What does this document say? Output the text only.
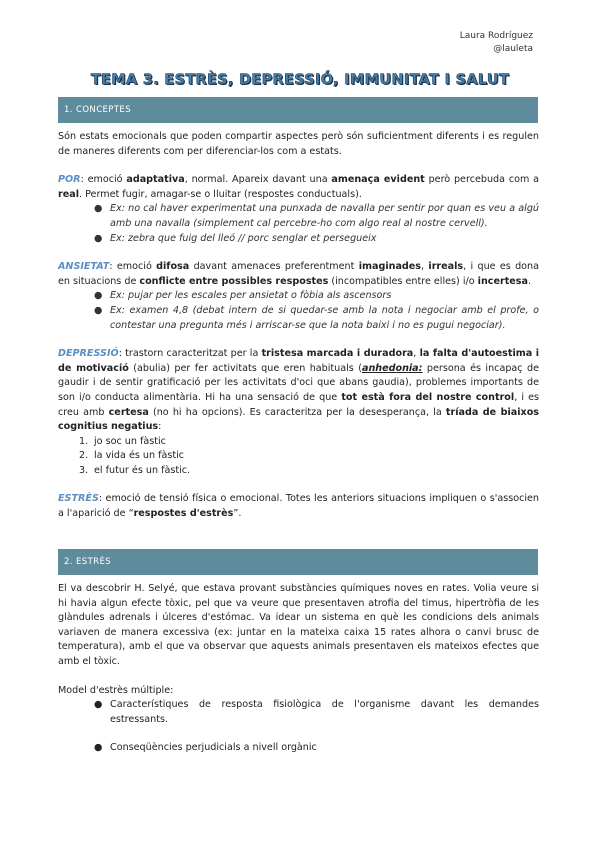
Laura Rodríguez
@lauleta
TEMA 3. ESTRÈS, DEPRESSIÓ, IMMUNITAT I SALUT
1. CONCEPTES

Són estats emocionals que poden compartir aspectes però són suficientment diferents i es regulen de maneres diferents com per diferenciar-los com a estats.

POR: emoció adaptativa, normal. Apareix davant una amenaça evident però percebuda com a real. Permet fugir, amagar-se o lluitar (respostes conductuals).

● Ex: no cal haver experimentat una punxada de navalla per sentir por quan es veu a algú amb una navalla (simplement cal percebre-ho com algo real al nostre cervell).
● Ex: zebra que fuig del lleó // porc senglar et persegueix

ANSIETAT: emoció difosa davant amenaces preferentment imaginades, irreals, i que es dona en situacions de conflicte entre possibles respostes (incompatibles entre elles) i/o incertesa.

● Ex: pujar per les escales per ansietat o fòbia als ascensors
● Ex: examen 4,8 (debat intern de si quedar-se amb la nota i negociar amb el profe, o contestar una pregunta més i arriscar-se que la nota baixi i no es pugui negociar).

DEPRESSIÓ: trastorn caracteritzat per la tristesa marcada i duradora, la falta d'autoestima i de motivació (abulia) per fer activitats que eren habituals (anhedonia: persona és incapaç de gaudir i de sentir gratificació per les activitats d'oci que abans gaudia), problemes importants de son i/o conducta alimentària. Hi ha una sensació de que tot està fora del nostre control, i es creu amb certesa (no hi ha opcions). Es caracteritza per la desesperança, la tríada de biaixos cognitius negatius:

1. jo soc un fàstic
2. la vida és un fàstic
3. el futur és un fàstic.

ESTRÈS: emoció de tensió física o emocional. Totes les anteriors situacions impliquen o s'associen a l'aparició de “respostes d'estrès”.

2. ESTRÈS

El va descobrir H. Selyé, que estava provant substàncies químiques noves en rates. Volia veure si hi havia algun efecte tòxic, pel que va veure que presentaven atrofia del timus, hipertròfia de les glàndules adrenals i úlceres d'estómac. Va idear un sistema en què les condicions dels animals variaven de manera excessiva (ex: juntar en la mateixa caixa 15 rates alhora o canvi brusc de temperatura), amb el que va observar que aquests animals presentaven els mateixos efectes que amb el tòxic.

Model d'estrès múltiple:

● Característiques de resposta fisiològica de l'organisme davant les demandes estressants.
● Conseqüències perjudicials a nivell orgànic
